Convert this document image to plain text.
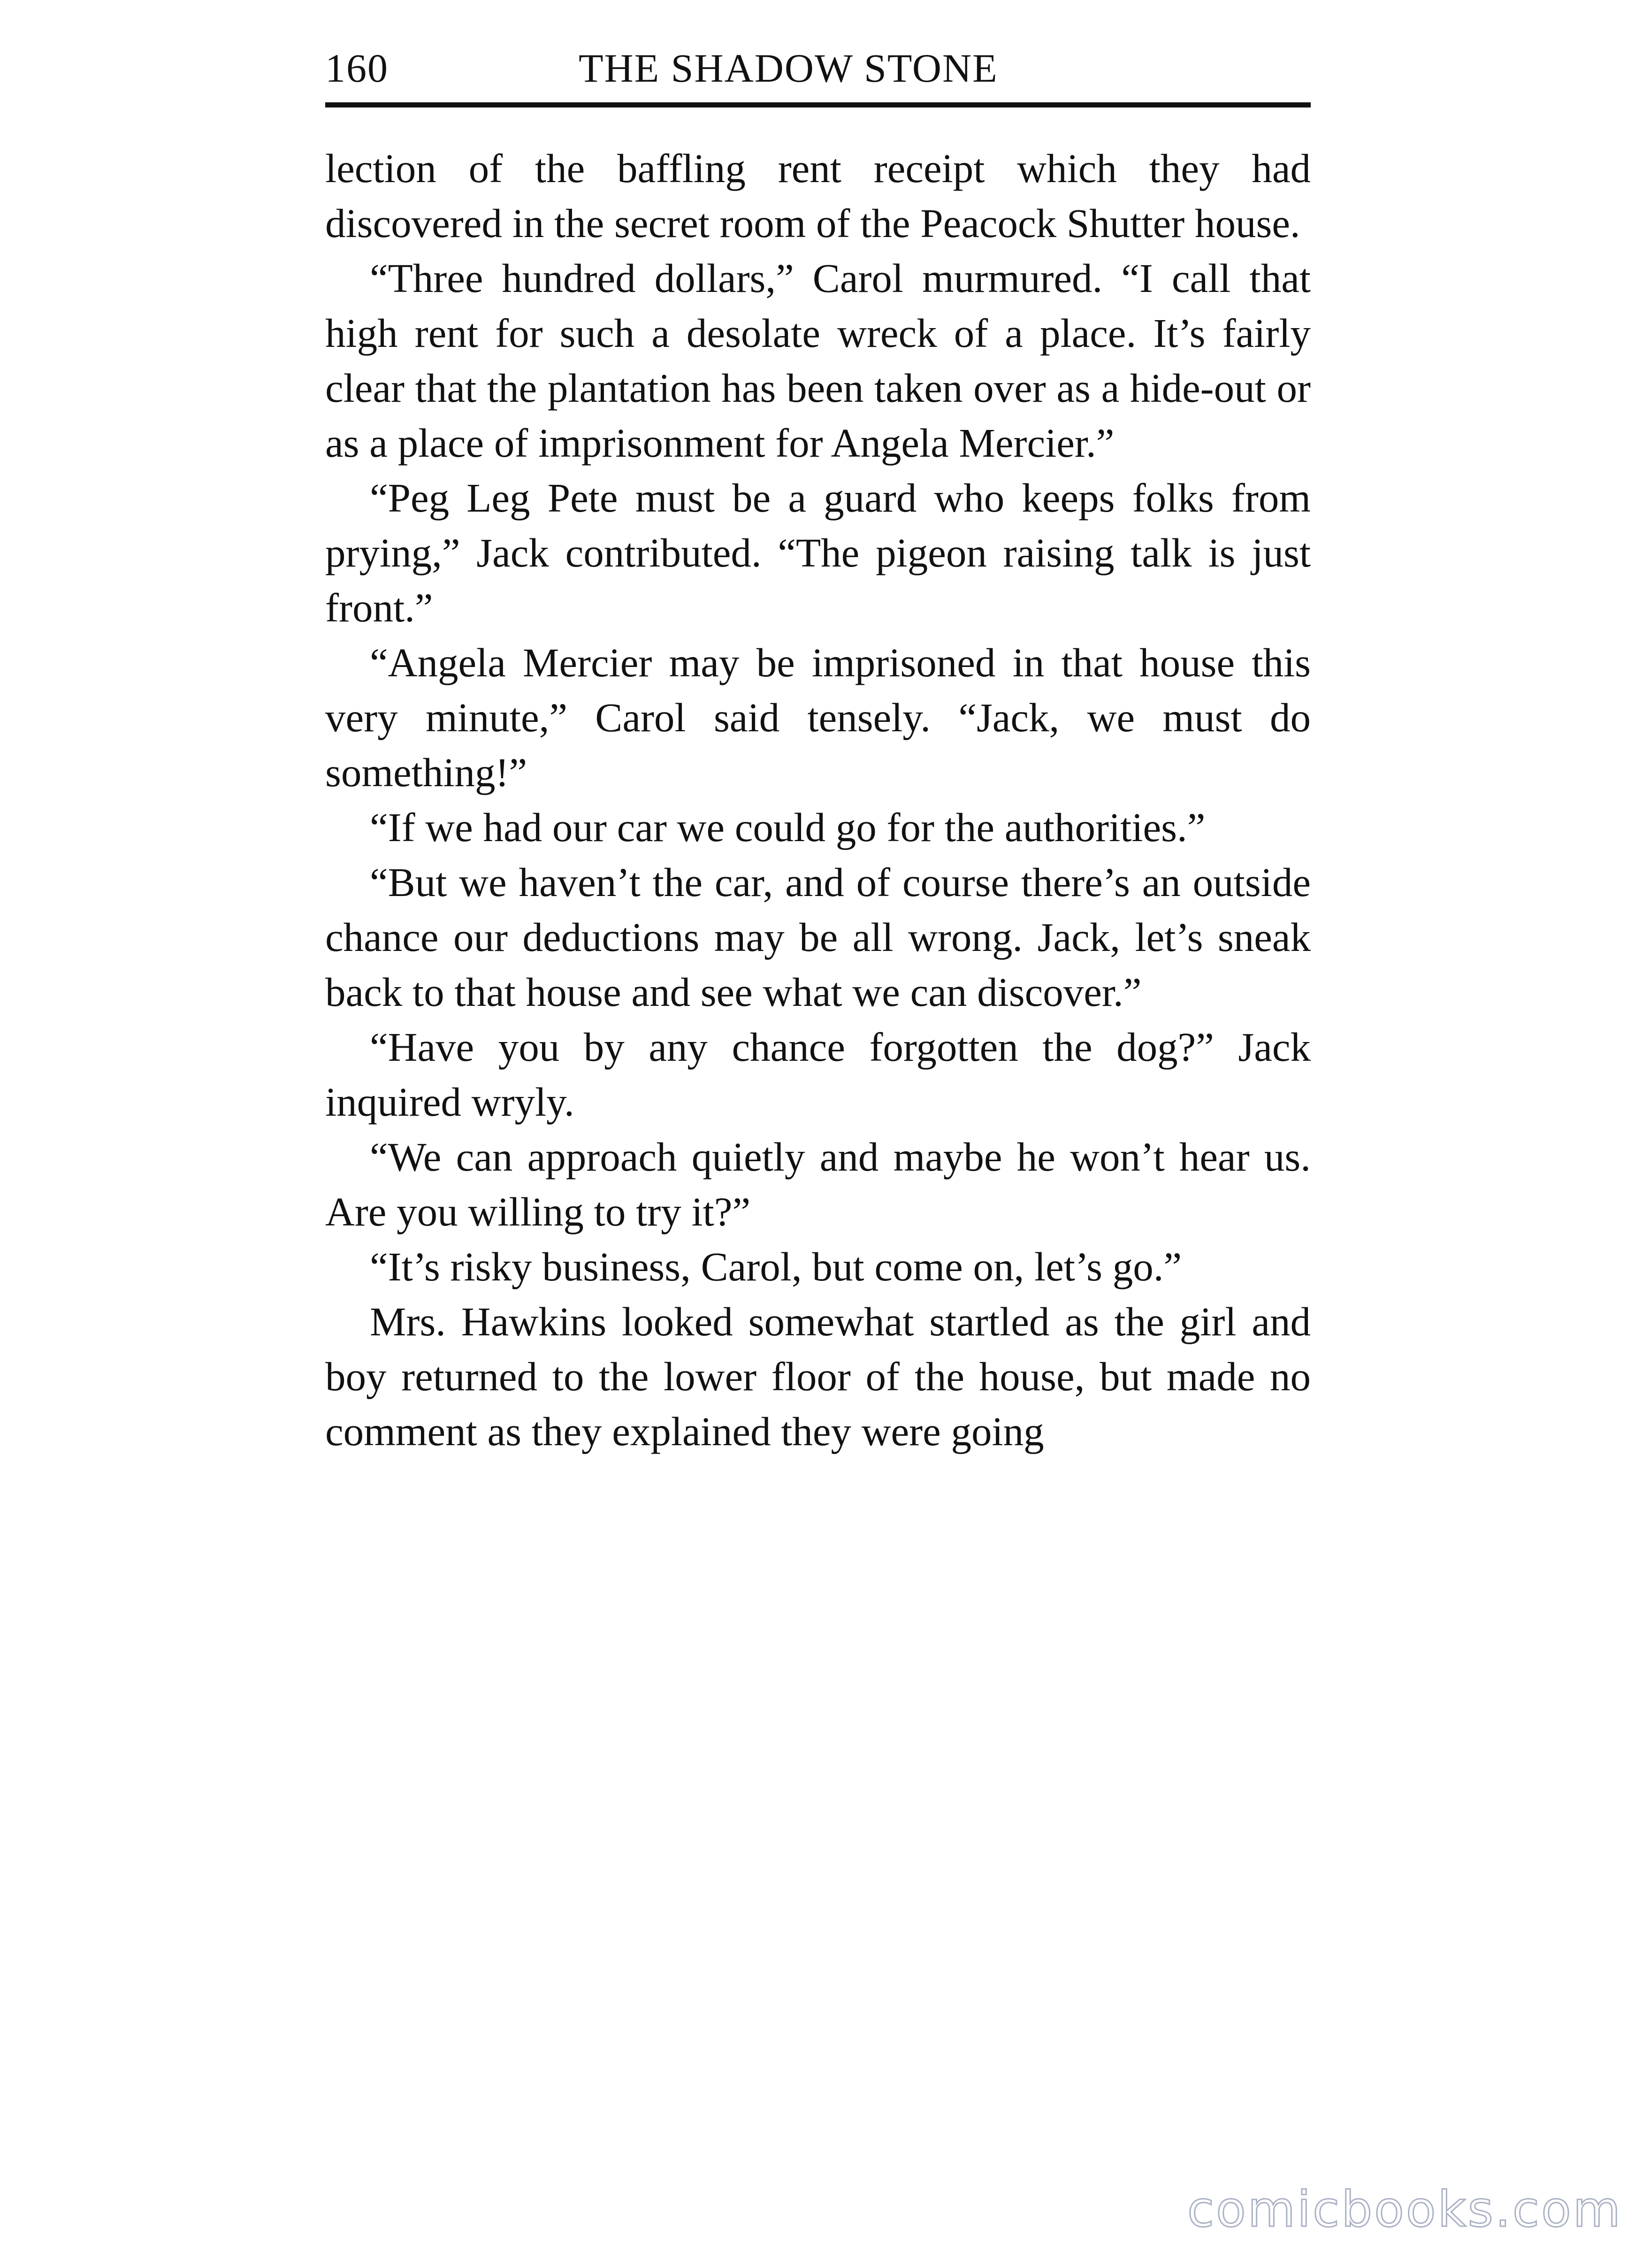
160	THE SHADOW STONE

lection of the baffling rent receipt which they had discovered in the secret room of the Peacock Shutter house.

“Three hundred dollars,” Carol murmured. “I call that high rent for such a desolate wreck of a place. It’s fairly clear that the plantation has been taken over as a hide-out or as a place of imprisonment for Angela Mercier.”

“Peg Leg Pete must be a guard who keeps folks from prying,” Jack contributed. “The pigeon raising talk is just front.”

“Angela Mercier may be imprisoned in that house this very minute,” Carol said tensely. “Jack, we must do something!”

“If we had our car we could go for the authorities.”

“But we haven’t the car, and of course there’s an outside chance our deductions may be all wrong. Jack, let’s sneak back to that house and see what we can discover.”

“Have you by any chance forgotten the dog?” Jack inquired wryly.

“We can approach quietly and maybe he won’t hear us. Are you willing to try it?”

“It’s risky business, Carol, but come on, let’s go.”

Mrs. Hawkins looked somewhat startled as the girl and boy returned to the lower floor of the house, but made no comment as they explained they were going

comicbooks.com
